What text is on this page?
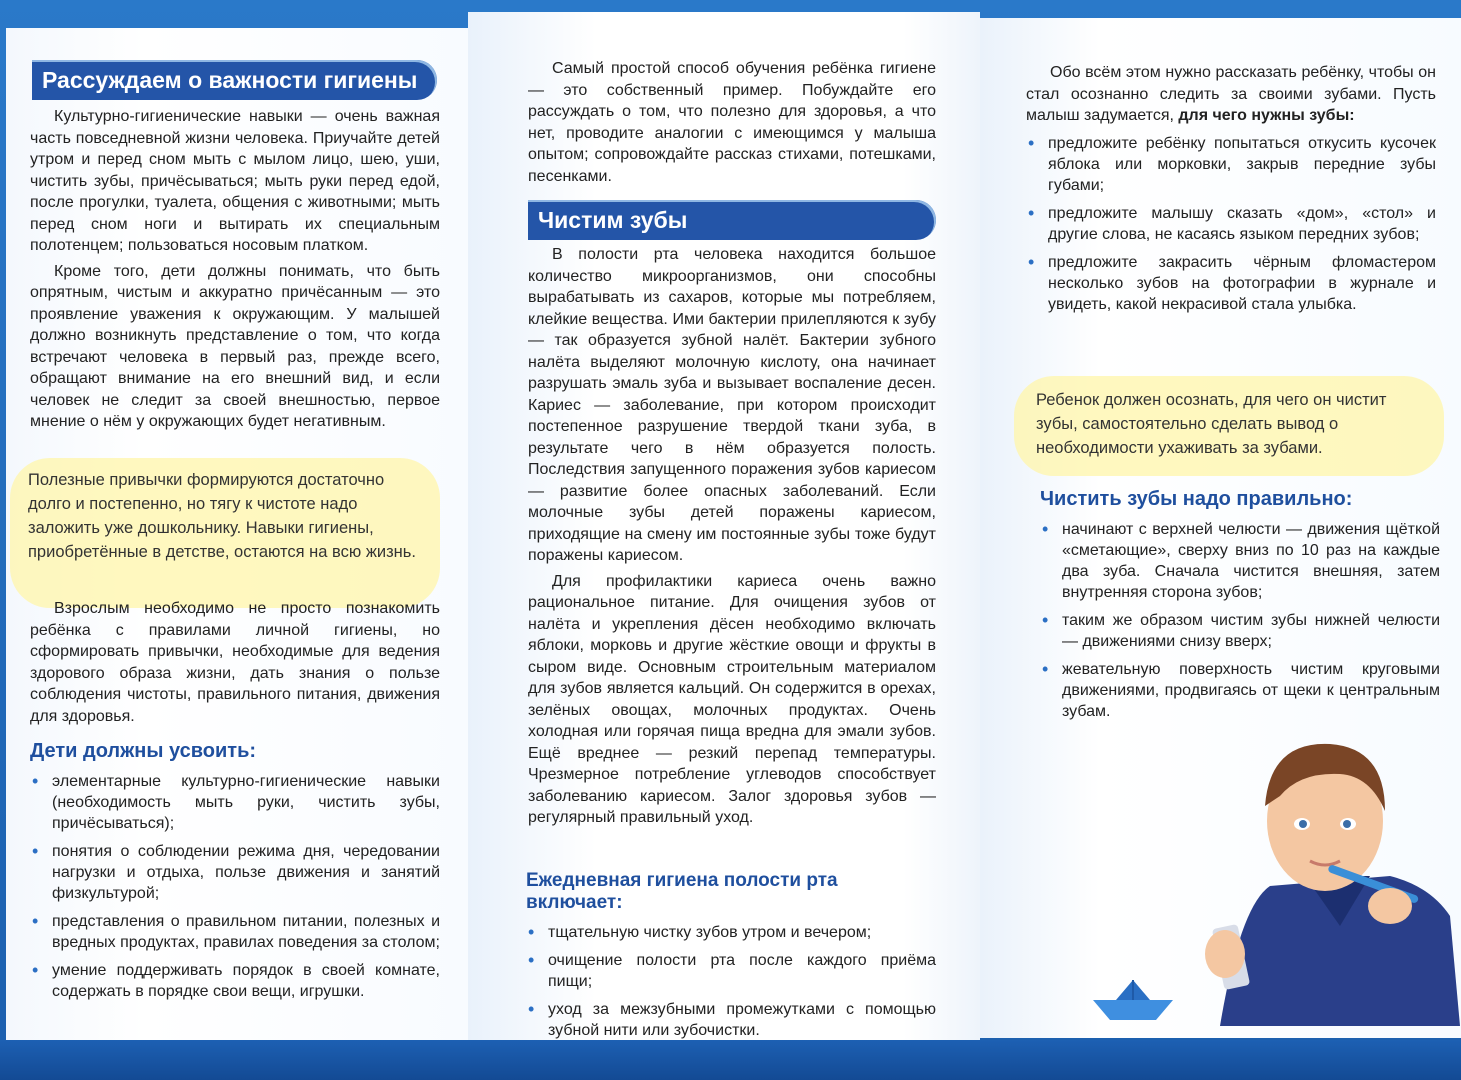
Рассуждаем о важности гигиены

Культурно-гигиенические навыки — очень важная часть повседневной жизни человека. Приучайте детей утром и перед сном мыть с мылом лицо, шею, уши, чистить зубы, причёсываться; мыть руки перед едой, после прогулки, туалета, общения с животными; мыть перед сном ноги и вытирать их специальным полотенцем; пользоваться носовым платком.

Кроме того, дети должны понимать, что быть опрятным, чистым и аккуратно причёсанным — это проявление уважения к окружающим. У малышей должно возникнуть представление о том, что когда встречают человека в первый раз, прежде всего, обращают внимание на его внешний вид, и если человек не следит за своей внешностью, первое мнение о нём у окружающих будет негативным.

Полезные привычки формируются достаточно долго и постепенно, но тягу к чистоте надо заложить уже дошкольнику. Навыки гигиены, приобретённые в детстве, остаются на всю жизнь.

Взрослым необходимо не просто познакомить ребёнка с правилами личной гигиены, но сформировать привычки, необходимые для ведения здорового образа жизни, дать знания о пользе соблюдения чистоты, правильного питания, движения для здоровья.

Дети должны усвоить:

• элементарные культурно-гигиенические навыки (необходимость мыть руки, чистить зубы, причёсываться);
• понятия о соблюдении режима дня, чередовании нагрузки и отдыха, пользе движения и занятий физкультурой;
• представления о правильном питании, полезных и вредных продуктах, правилах поведения за столом;
• умение поддерживать порядок в своей комнате, содержать в порядке свои вещи, игрушки.

Самый простой способ обучения ребёнка гигиене — это собственный пример. Побуждайте его рассуждать о том, что полезно для здоровья, а что нет, проводите аналогии с имеющимся у малыша опытом; сопровождайте рассказ стихами, потешками, песенками.

Чистим зубы

В полости рта человека находится большое количество микроорганизмов, они способны вырабатывать из сахаров, которые мы потребляем, клейкие вещества. Ими бактерии прилепляются к зубу — так образуется зубной налёт. Бактерии зубного налёта выделяют молочную кислоту, она начинает разрушать эмаль зуба и вызывает воспаление десен. Кариес — заболевание, при котором происходит постепенное разрушение твердой ткани зуба, в результате чего в нём образуется полость. Последствия запущенного поражения зубов кариесом — развитие более опасных заболеваний. Если молочные зубы детей поражены кариесом, приходящие на смену им постоянные зубы тоже будут поражены кариесом.

Для профилактики кариеса очень важно рациональное питание. Для очищения зубов от налёта и укрепления дёсен необходимо включать яблоки, морковь и другие жёсткие овощи и фрукты в сыром виде. Основным строительным материалом для зубов является кальций. Он содержится в орехах, зелёных овощах, молочных продуктах. Очень холодная или горячая пища вредна для эмали зубов. Ещё вреднее — резкий перепад температуры. Чрезмерное потребление углеводов способствует заболеванию кариесом. Залог здоровья зубов — регулярный правильный уход.

Ежедневная гигиена полости рта включает:

• тщательную чистку зубов утром и вечером;
• очищение полости рта после каждого приёма пищи;
• уход за межзубными промежутками с помощью зубной нити или зубочистки.

Обо всём этом нужно рассказать ребёнку, чтобы он стал осознанно следить за своими зубами. Пусть малыш задумается, для чего нужны зубы:

• предложите ребёнку попытаться откусить кусочек яблока или морковки, закрыв передние зубы губами;
• предложите малышу сказать «дом», «стол» и другие слова, не касаясь языком передних зубов;
• предложите закрасить чёрным фломастером несколько зубов на фотографии в журнале и увидеть, какой некрасивой стала улыбка.

Ребенок должен осознать, для чего он чистит зубы, самостоятельно сделать вывод о необходимости ухаживать за зубами.

Чистить зубы надо правильно:

• начинают с верхней челюсти — движения щёткой «сметающие», сверху вниз по 10 раз на каждые два зуба. Сначала чистится внешняя, затем внутренняя сторона зубов;
• таким же образом чистим зубы нижней челюсти — движениями снизу вверх;
• жевательную поверхность чистим круговыми движениями, продвигаясь от щеки к центральным зубам.
